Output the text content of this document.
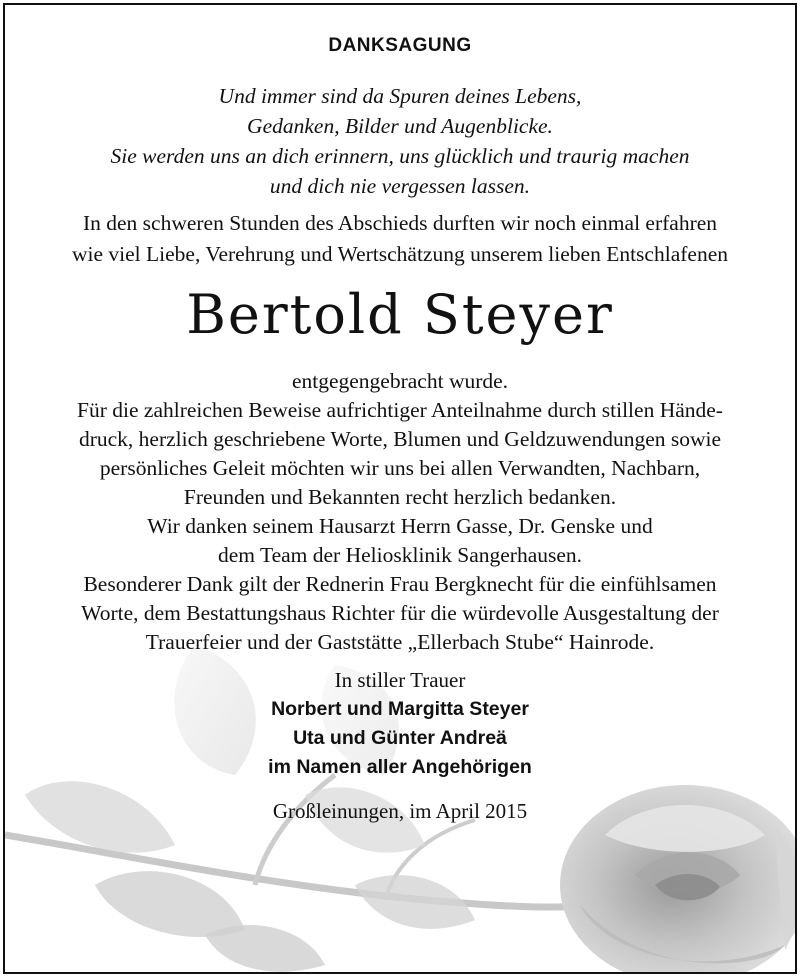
DANKSAGUNG
Und immer sind da Spuren deines Lebens,
Gedanken, Bilder und Augenblicke.
Sie werden uns an dich erinnern, uns glücklich und traurig machen
und dich nie vergessen lassen.
In den schweren Stunden des Abschieds durften wir noch einmal erfahren
wie viel Liebe, Verehrung und Wertschätzung unserem lieben Entschlafenen
Bertold Steyer
entgegengebracht wurde.
Für die zahlreichen Beweise aufrichtiger Anteilnahme durch stillen Hände-
druck, herzlich geschriebene Worte, Blumen und Geldzuwendungen sowie
persönliches Geleit möchten wir uns bei allen Verwandten, Nachbarn,
Freunden und Bekannten recht herzlich bedanken.
Wir danken seinem Hausarzt Herrn Gasse, Dr. Genske und
dem Team der Heliosklinik Sangerhausen.
Besonderer Dank gilt der Rednerin Frau Bergknecht für die einfühlsamen
Worte, dem Bestattungshaus Richter für die würdevolle Ausgestaltung der
Trauerfeier und der Gaststätte „Ellerbach Stube“ Hainrode.
In stiller Trauer
Norbert und Margitta Steyer
Uta und Günter Andreä
im Namen aller Angehörigen
Großleinungen, im April 2015
